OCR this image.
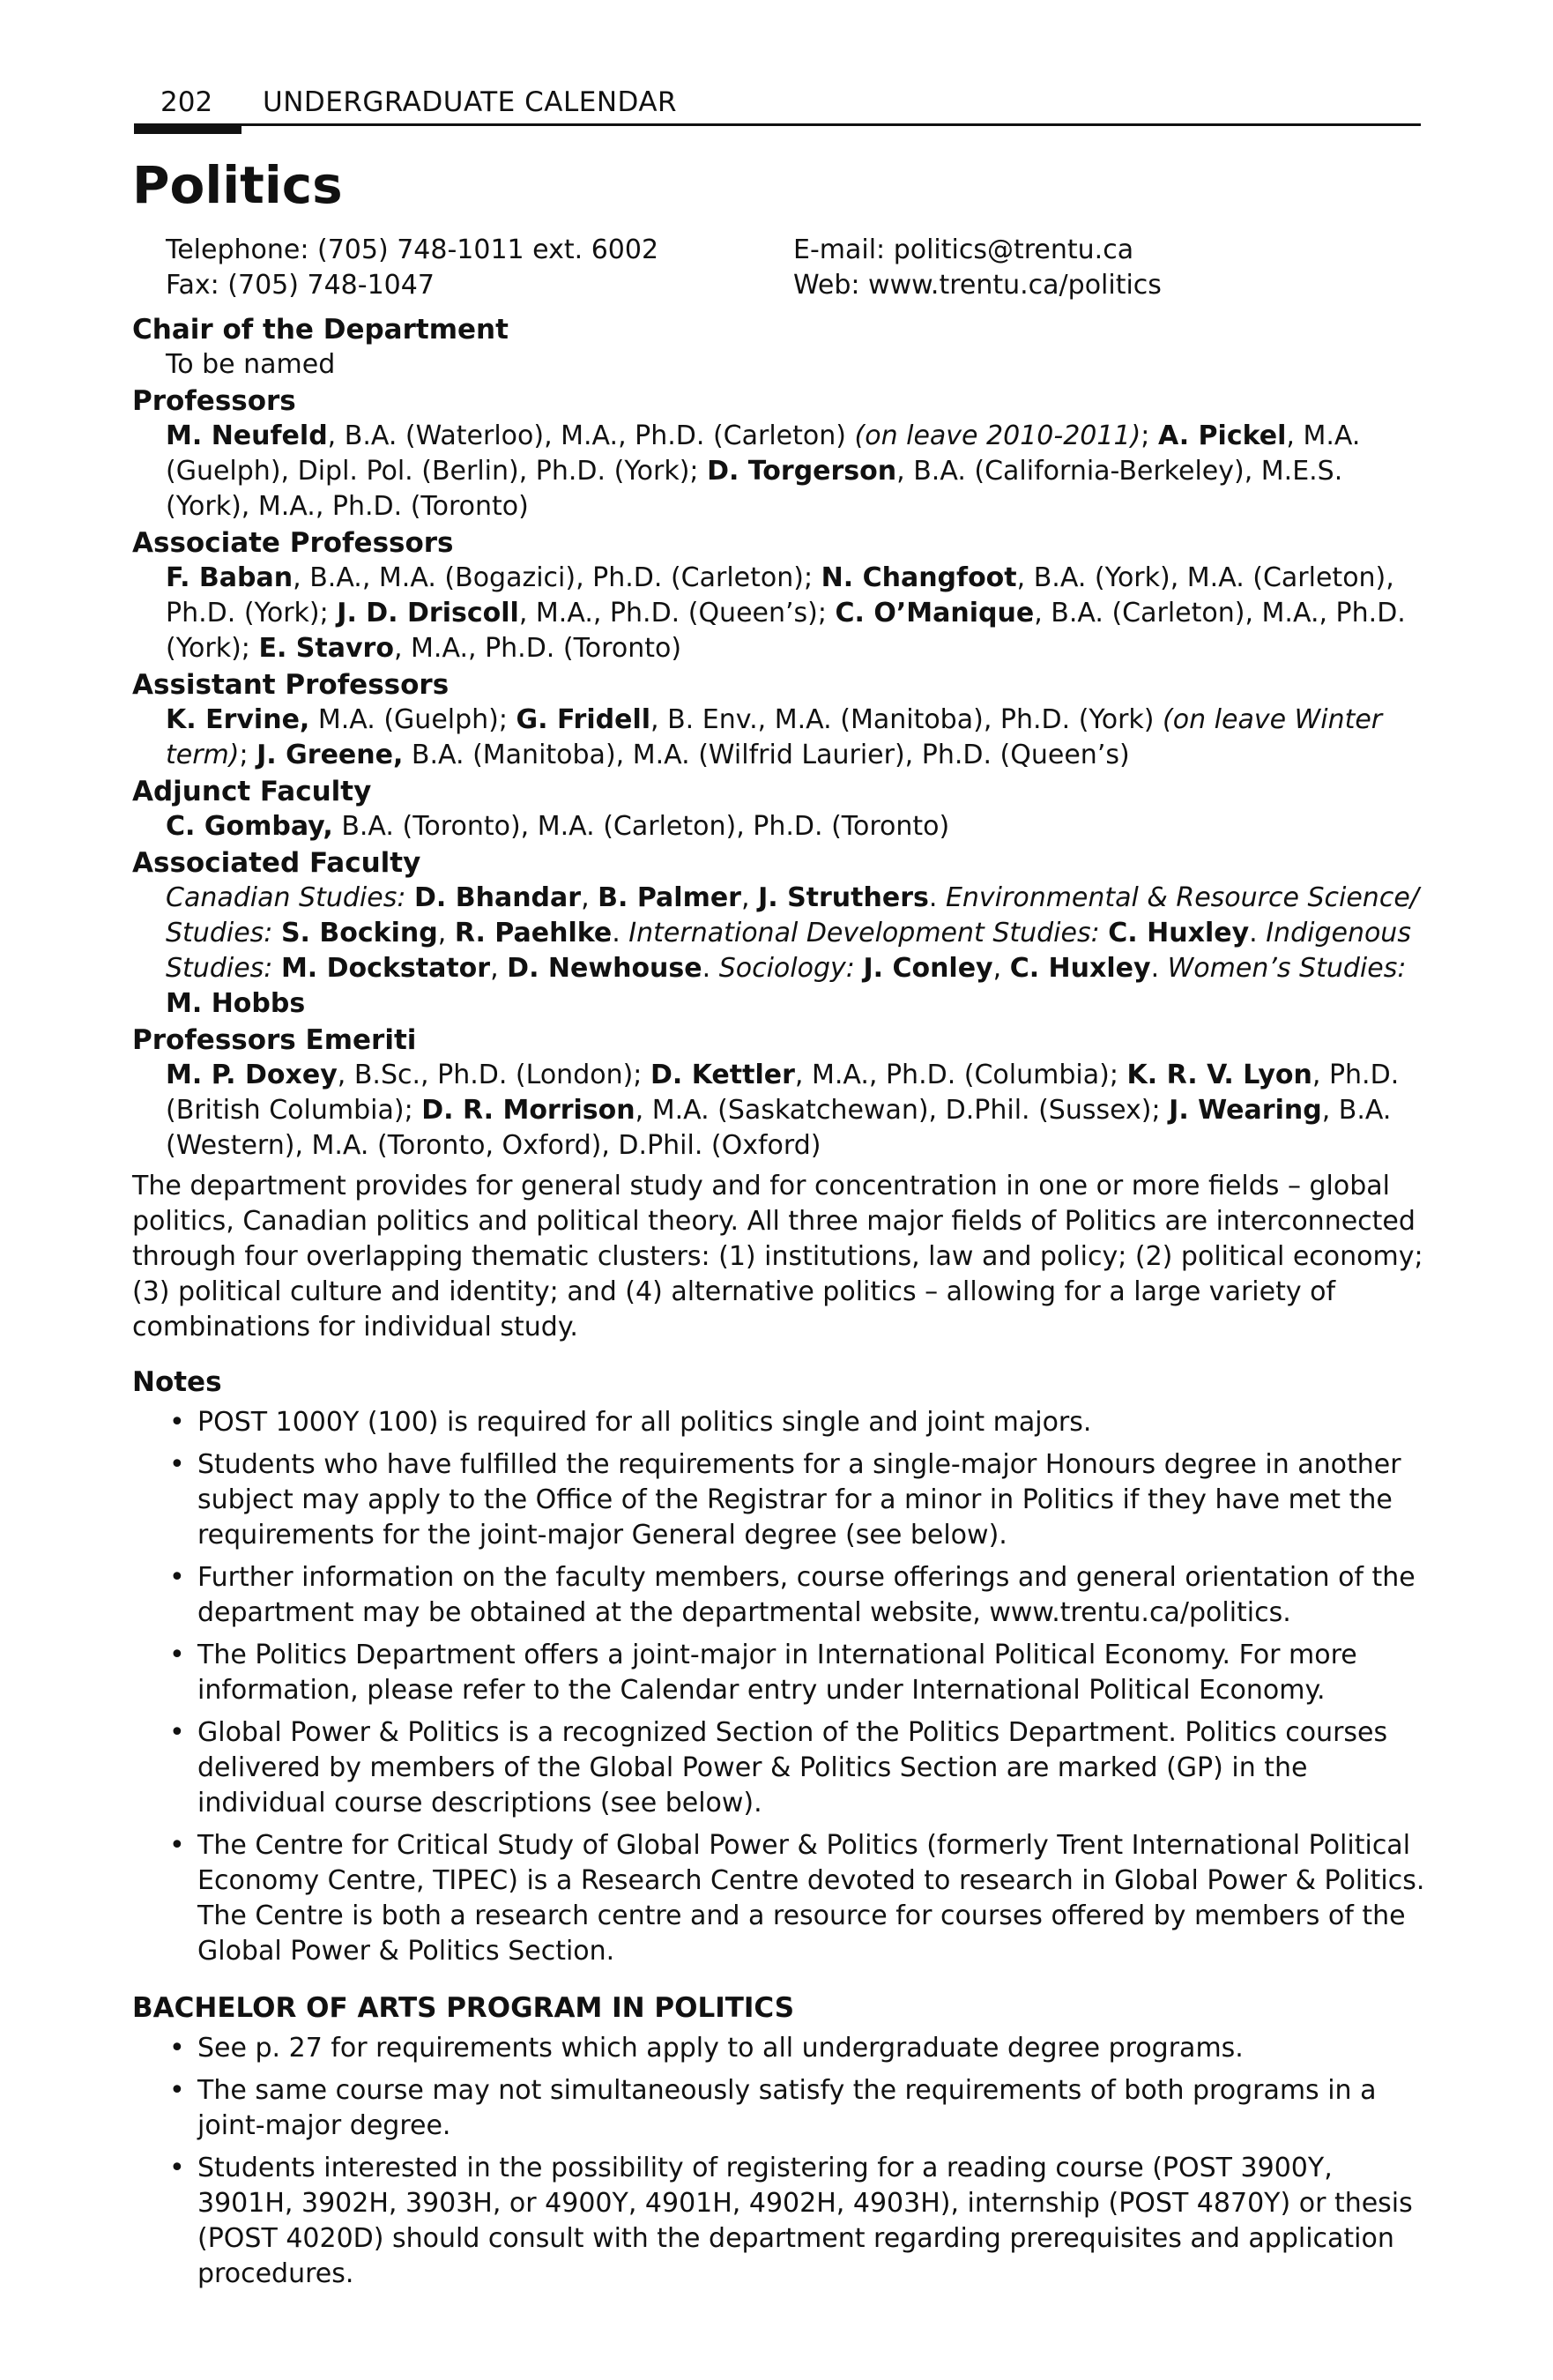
202 UNDERGRADUATE CALENDAR
Politics
Telephone: (705) 748-1011 ext. 6002
Fax: (705) 748-1047
E-mail: politics@trentu.ca
Web: www.trentu.ca/politics

Chair of the Department

To be named

Professors

M. Neufeld, B.A. (Waterloo), M.A., Ph.D. (Carleton) (on leave 2010-2011); A. Pickel, M.A. (Guelph), Dipl. Pol. (Berlin), Ph.D. (York); D. Torgerson, B.A. (California-Berkeley), M.E.S. (York), M.A., Ph.D. (Toronto)

Associate Professors

F. Baban, B.A., M.A. (Bogazici), Ph.D. (Carleton); N. Changfoot, B.A. (York), M.A. (Carleton), Ph.D. (York); J. D. Driscoll, M.A., Ph.D. (Queen’s); C. O’Manique, B.A. (Carleton), M.A., Ph.D. (York); E. Stavro, M.A., Ph.D. (Toronto)

Assistant Professors

K. Ervine, M.A. (Guelph); G. Fridell, B. Env., M.A. (Manitoba), Ph.D. (York) (on leave Winter term); J. Greene, B.A. (Manitoba), M.A. (Wilfrid Laurier), Ph.D. (Queen’s)

Adjunct Faculty

C. Gombay, B.A. (Toronto), M.A. (Carleton), Ph.D. (Toronto)

Associated Faculty

Canadian Studies: D. Bhandar, B. Palmer, J. Struthers. Environmental & Resource Science/ Studies: S. Bocking, R. Paehlke. International Development Studies: C. Huxley. Indigenous Studies: M. Dockstator, D. Newhouse. Sociology: J. Conley, C. Huxley. Women’s Studies: M. Hobbs

Professors Emeriti

M. P. Doxey, B.Sc., Ph.D. (London); D. Kettler, M.A., Ph.D. (Columbia); K. R. V. Lyon, Ph.D. (British Columbia); D. R. Morrison, M.A. (Saskatchewan), D.Phil. (Sussex); J. Wearing, B.A. (Western), M.A. (Toronto, Oxford), D.Phil. (Oxford)

The department provides for general study and for concentration in one or more fields – global politics, Canadian politics and political theory. All three major fields of Politics are interconnected through four overlapping thematic clusters: (1) institutions, law and policy; (2) political economy; (3) political culture and identity; and (4) alternative politics – allowing for a large variety of combinations for individual study.

Notes

• POST 1000Y (100) is required for all politics single and joint majors.
• Students who have fulfilled the requirements for a single-major Honours degree in another subject may apply to the Office of the Registrar for a minor in Politics if they have met the requirements for the joint-major General degree (see below).
• Further information on the faculty members, course offerings and general orientation of the department may be obtained at the departmental website, www.trentu.ca/politics.
• The Politics Department offers a joint-major in International Political Economy. For more information, please refer to the Calendar entry under International Political Economy.
• Global Power & Politics is a recognized Section of the Politics Department. Politics courses delivered by members of the Global Power & Politics Section are marked (GP) in the individual course descriptions (see below).
• The Centre for Critical Study of Global Power & Politics (formerly Trent International Political Economy Centre, TIPEC) is a Research Centre devoted to research in Global Power & Politics. The Centre is both a research centre and a resource for courses offered by members of the Global Power & Politics Section.

BACHELOR OF ARTS PROGRAM IN POLITICS

• See p. 27 for requirements which apply to all undergraduate degree programs.
• The same course may not simultaneously satisfy the requirements of both programs in a joint-major degree.
• Students interested in the possibility of registering for a reading course (POST 3900Y, 3901H, 3902H, 3903H, or 4900Y, 4901H, 4902H, 4903H), internship (POST 4870Y) or thesis (POST 4020D) should consult with the department regarding prerequisites and application procedures.
